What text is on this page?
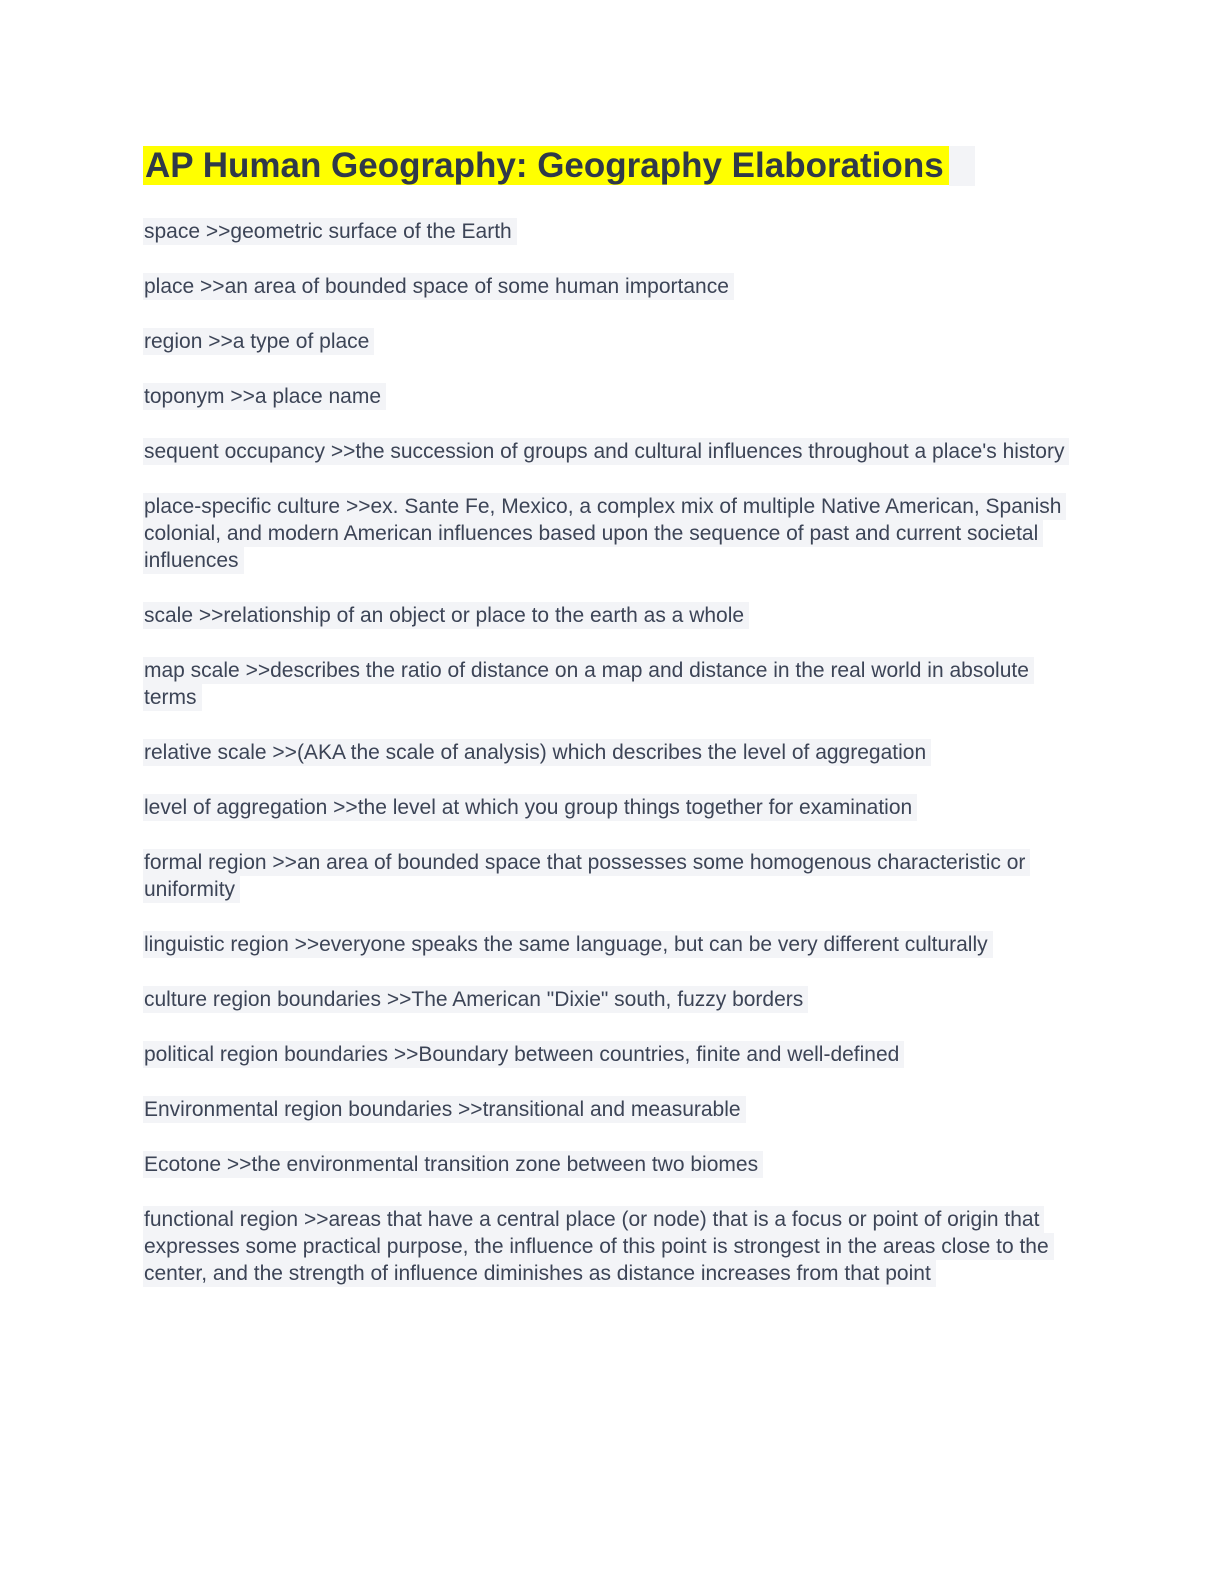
AP Human Geography: Geography Elaborations

space >>geometric surface of the Earth

place >>an area of bounded space of some human importance

region >>a type of place

toponym >>a place name

sequent occupancy >>the succession of groups and cultural influences throughout a place's history

place-specific culture >>ex. Sante Fe, Mexico, a complex mix of multiple Native American, Spanish colonial, and modern American influences based upon the sequence of past and current societal influences

scale >>relationship of an object or place to the earth as a whole

map scale >>describes the ratio of distance on a map and distance in the real world in absolute terms

relative scale >>(AKA the scale of analysis) which describes the level of aggregation

level of aggregation >>the level at which you group things together for examination

formal region >>an area of bounded space that possesses some homogenous characteristic or uniformity

linguistic region >>everyone speaks the same language, but can be very different culturally

culture region boundaries >>The American "Dixie" south, fuzzy borders

political region boundaries >>Boundary between countries, finite and well-defined

Environmental region boundaries >>transitional and measurable

Ecotone >>the environmental transition zone between two biomes

functional region >>areas that have a central place (or node) that is a focus or point of origin that expresses some practical purpose, the influence of this point is strongest in the areas close to the center, and the strength of influence diminishes as distance increases from that point
